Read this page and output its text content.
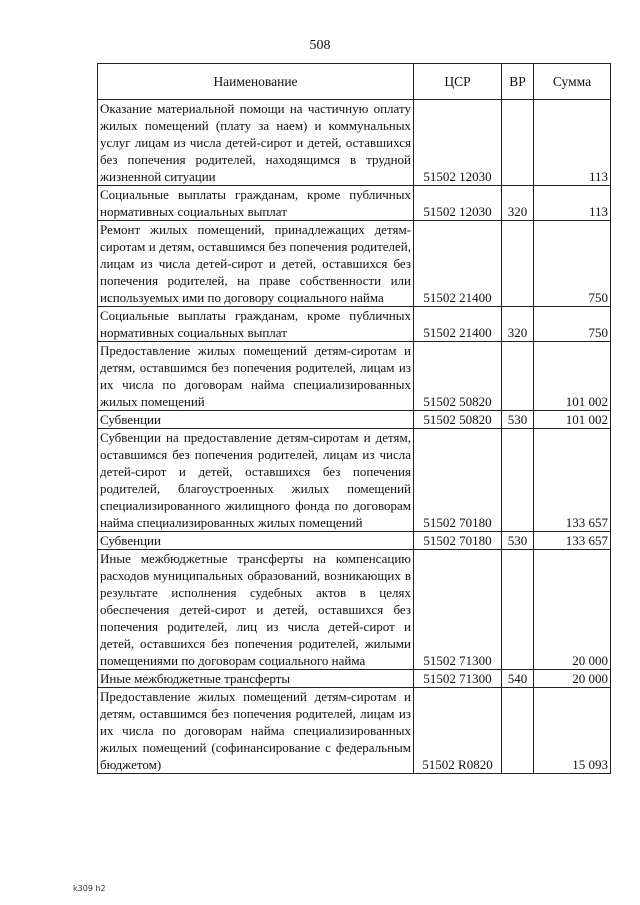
508
Наименование	ЦСР	ВР	Сумма
Оказание материальной помощи на частичную оплату жилых помещений (плату за наем) и коммунальных услуг лицам из числа детей-сирот и детей, оставшихся без попечения родителей, находящимся в трудной жизненной ситуации	51502 12030		113
Социальные выплаты гражданам, кроме публичных нормативных социальных выплат	51502 12030	320	113
Ремонт жилых помещений, принадлежащих детям-сиротам и детям, оставшимся без попечения родителей, лицам из числа детей-сирот и детей, оставшихся без попечения родителей, на праве собственности или используемых ими по договору социального найма	51502 21400		750
Социальные выплаты гражданам, кроме публичных нормативных социальных выплат	51502 21400	320	750
Предоставление жилых помещений детям-сиротам и детям, оставшимся без попечения родителей, лицам из их числа по договорам найма специализированных жилых помещений	51502 50820		101 002
Субвенции	51502 50820	530	101 002
Субвенции на предоставление детям-сиротам и детям, оставшимся без попечения родителей, лицам из числа детей-сирот и детей, оставшихся без попечения родителей, благоустроенных жилых помещений специализированного жилищного фонда по договорам найма специализированных жилых помещений	51502 70180		133 657
Субвенции	51502 70180	530	133 657
Иные межбюджетные трансферты на компенсацию расходов муниципальных образований, возникающих в результате исполнения судебных актов в целях обеспечения детей-сирот и детей, оставшихся без попечения родителей, лиц из числа детей-сирот и детей, оставшихся без попечения родителей, жилыми помещениями по договорам социального найма	51502 71300		20 000
Иные межбюджетные трансферты	51502 71300	540	20 000
Предоставление жилых помещений детям-сиротам и детям, оставшимся без попечения родителей, лицам из их числа по договорам найма специализированных жилых помещений (софинансирование с федеральным бюджетом)	51502 R0820		15 093
k309 h2
